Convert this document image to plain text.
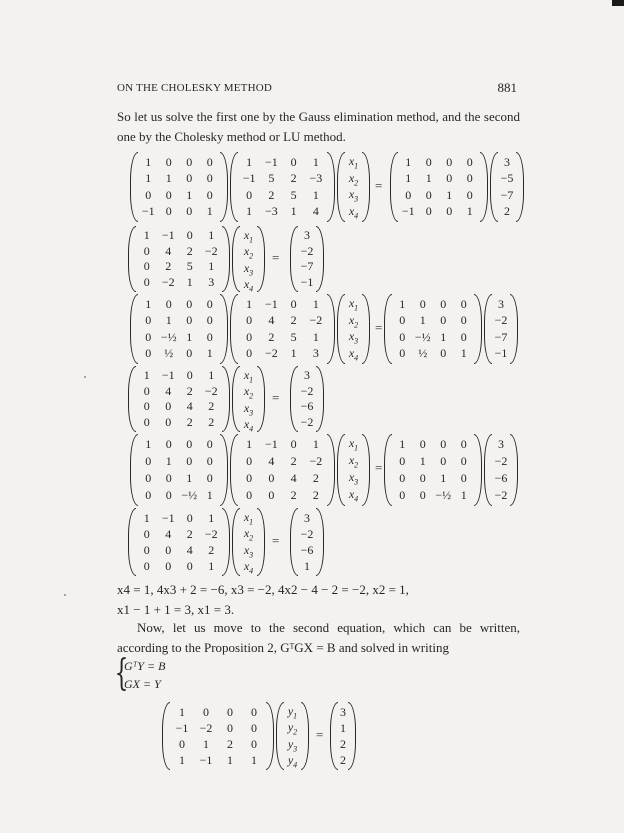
ON THE CHOLESKY METHOD	881

So let us solve the first one by the Gauss elimination method, and the second one by the Cholesky method or LU method.

1 0 0 0
1 1 0 0
0 0 1 0
−1 0 0 1
1 −1 0 1
−1 5 2 −3
0 2 5 1
1 −3 1 4
$x_1$
$x_2$
$x_3$
$x_4$
=
1 0 0 0
1 1 0 0
0 0 1 0
−1 0 0 1
3
−5
−7
2
1 −1 0 1
0 4 2 −2
0 2 5 1
0 −2 1 3
$x_1$
$x_2$
$x_3$
$x_4$
=
3
−2
−7
−1
1 0 0 0
0 1 0 0
0 −½ 1 0
0 ½ 0 1
1 −1 0 1
0 4 2 −2
0 2 5 1
0 −2 1 3
$x_1$
$x_2$
$x_3$
$x_4$
=
1 0 0 0
0 1 0 0
0 −½ 1 0
0 ½ 0 1
3
−2
−7
−1
1 −1 0 1
0 4 2 −2
0 0 4 2
0 0 2 2
$x_1$
$x_2$
$x_3$
$x_4$
=
3
−2
−6
−2
1 0 0 0
0 1 0 0
0 0 1 0
0 0 −½ 1
1 −1 0 1
0 4 2 −2
0 0 4 2
0 0 2 2
$x_1$
$x_2$
$x_3$
$x_4$
=
1 0 0 0
0 1 0 0
0 0 1 0
0 0 −½ 1
3
−2
−6
−2
1 −1 0 1
0 4 2 −2
0 0 4 2
0 0 0 1
$x_1$
$x_2$
$x_3$
$x_4$
=
3
−2
−6
1
1 0 0 0
−1 −2 0 0
0 1 2 0
1 −1 1 1
$y_1$
$y_2$
$y_3$
$y_4$
=
3
1
2
2

x4 = 1, 4x3 + 2 = −6, x3 = −2, 4x2 − 4 − 2 = −2, x2 = 1,
x1 − 1 + 1 = 3, x1 = 3.

Now, let us move to the second equation, which can be written, according to the Proposition 2, GᵀGX = B and solved in writing

{
GᵀY = B
GX = Y
